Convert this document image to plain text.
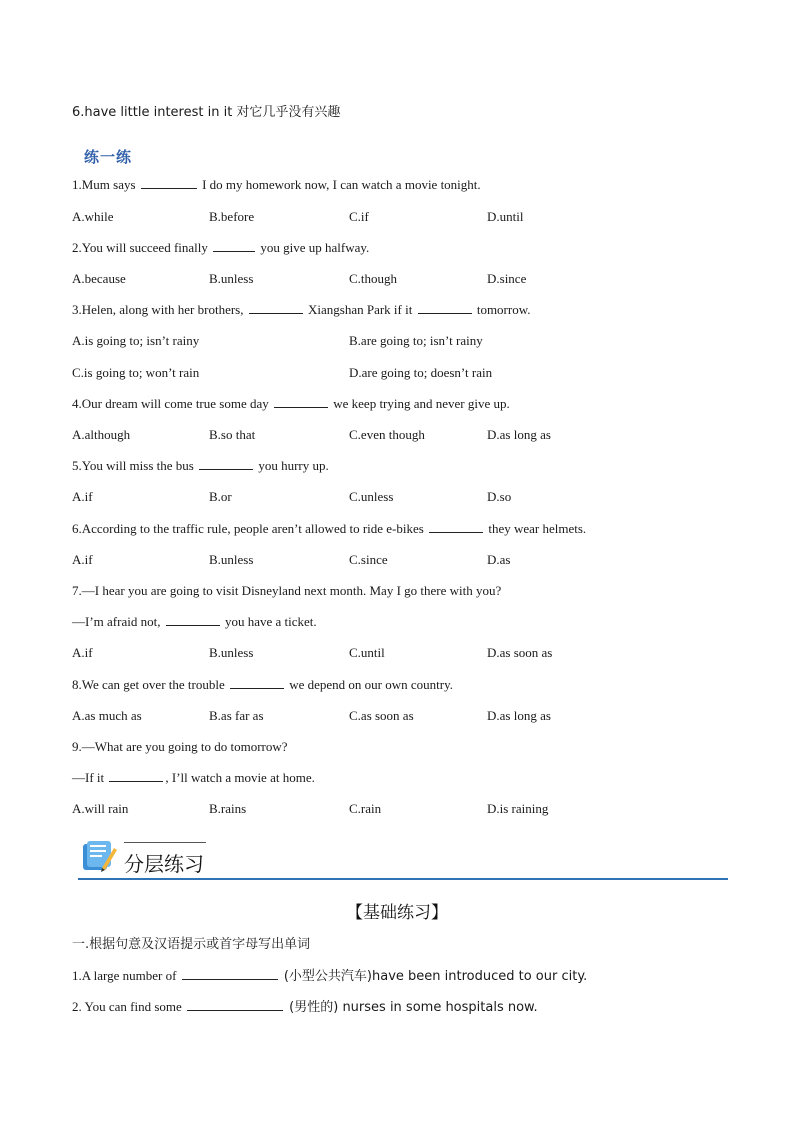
6.have little interest in it 对它几乎没有兴趣
练一练
1.Mum says	I do my homework now, I can watch a movie tonight.
A.while	B.before	C.if	D.until
2.You will succeed finally	you give up halfway.
A.because	B.unless	C.though	D.since
3.Helen, along with her brothers,	Xiangshan Park if it	tomorrow.
A.is going to; isn’t rainy	B.are going to; isn’t rainy
C.is going to; won’t rain	D.are going to; doesn’t rain
4.Our dream will come true some day	we keep trying and never give up.
A.although	B.so that	C.even though	D.as long as
5.You will miss the bus	you hurry up.
A.if	B.or	C.unless	D.so
6.According to the traffic rule, people aren’t allowed to ride e-bikes	they wear helmets.
A.if	B.unless	C.since	D.as
7.—I hear you are going to visit Disneyland next month. May I go there with you?
—I’m afraid not,	you have a ticket.
A.if	B.unless	C.until	D.as soon as
8.We can get over the trouble	we depend on our own country.
A.as much as	B.as far as	C.as soon as	D.as long as
9.—What are you going to do tomorrow?
—If it	, I’ll watch a movie at home.
A.will rain	B.rains	C.rain	D.is raining
分层练习
【基础练习】
一.根据句意及汉语提示或首字母写出单词
1.A large number of	(小型公共汽车)have been introduced to our city.
2. You can find some	(男性的) nurses in some hospitals now.
